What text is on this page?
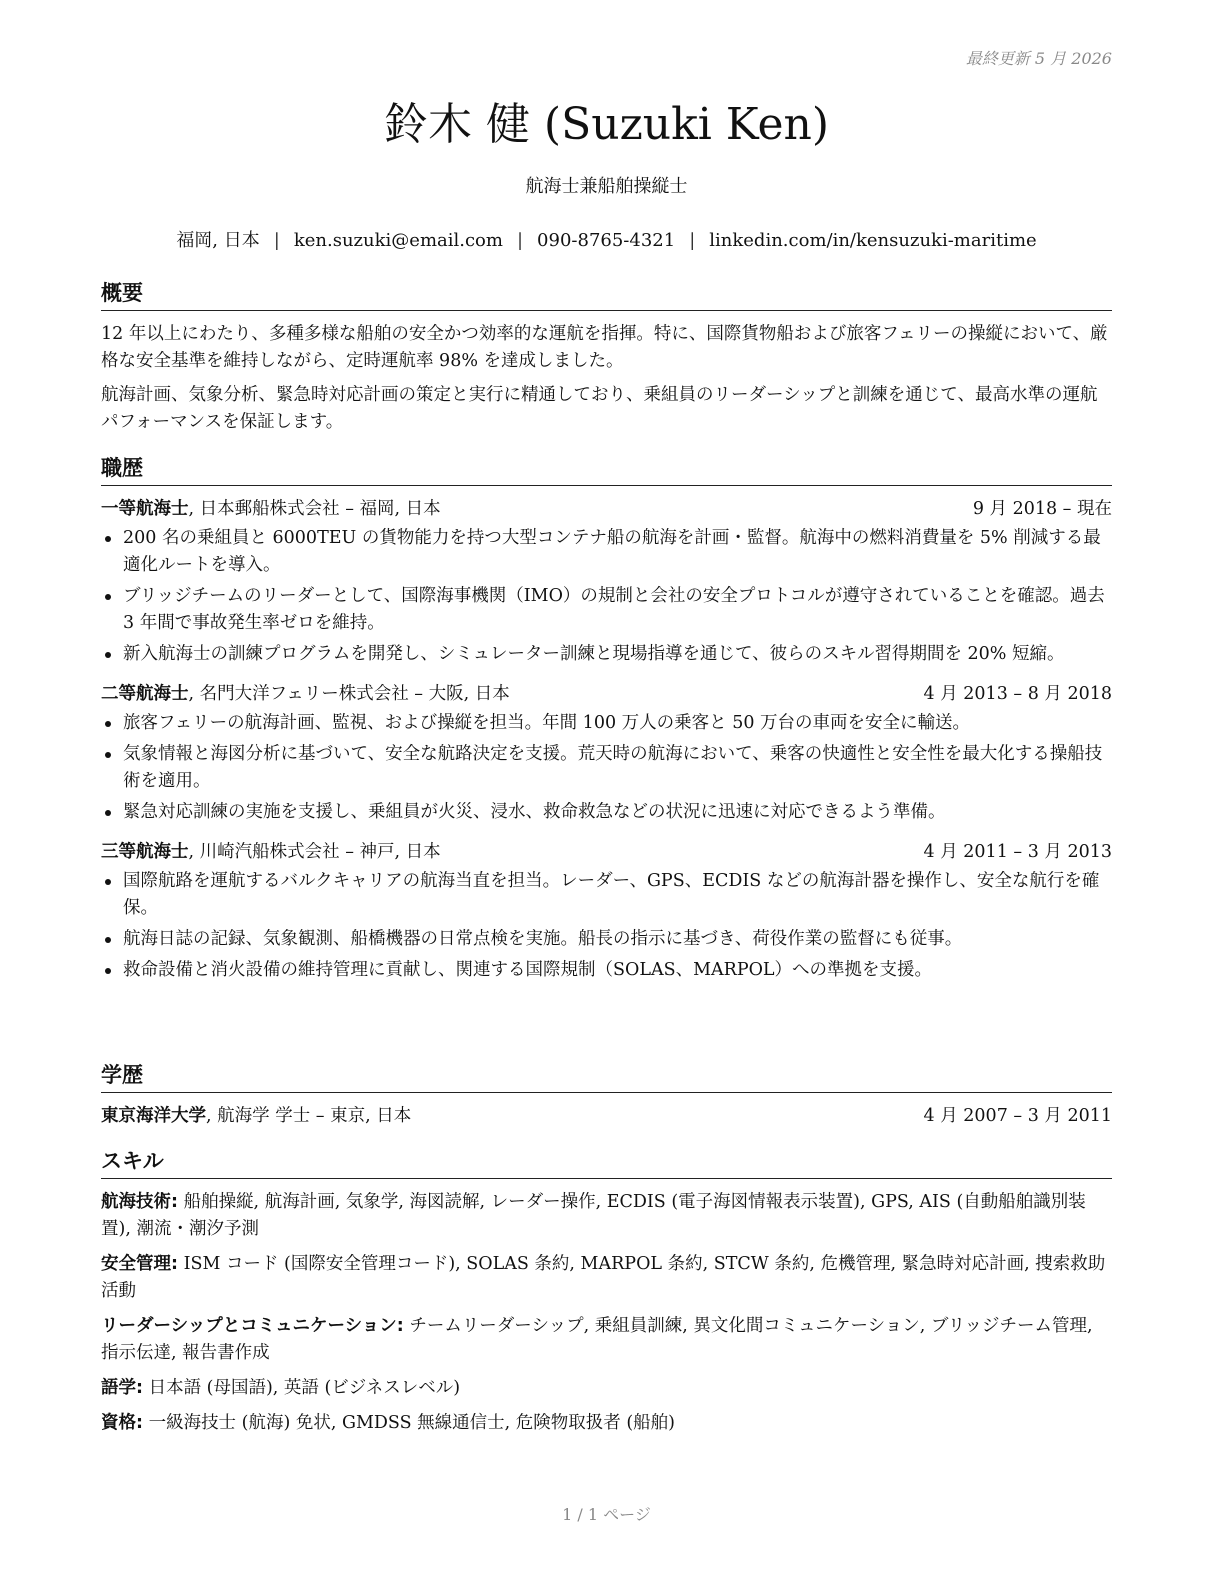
最終更新 5 月 2026
鈴木 健 (Suzuki Ken)
航海士兼船舶操縦士
福岡, 日本 | ken.suzuki@email.com | 090-8765-4321 | linkedin.com/in/kensuzuki-maritime
概要

12 年以上にわたり、多種多様な船舶の安全かつ効率的な運航を指揮。特に、国際貨物船および旅客フェリーの操縦において、厳格な安全基準を維持しながら、定時運航率 98% を達成しました。

航海計画、気象分析、緊急時対応計画の策定と実行に精通しており、乗組員のリーダーシップと訓練を通じて、最高水準の運航パフォーマンスを保証します。

職歴
一等航海士, 日本郵船株式会社 – 福岡, 日本	9 月 2018 – 現在
200 名の乗組員と 6000TEU の貨物能力を持つ大型コンテナ船の航海を計画・監督。航海中の燃料消費量を 5% 削減する最適化ルートを導入。
ブリッジチームのリーダーとして、国際海事機関（IMO）の規制と会社の安全プロトコルが遵守されていることを確認。過去 3 年間で事故発生率ゼロを維持。
新入航海士の訓練プログラムを開発し、シミュレーター訓練と現場指導を通じて、彼らのスキル習得期間を 20% 短縮。
二等航海士, 名門大洋フェリー株式会社 – 大阪, 日本	4 月 2013 – 8 月 2018
旅客フェリーの航海計画、監視、および操縦を担当。年間 100 万人の乗客と 50 万台の車両を安全に輸送。
気象情報と海図分析に基づいて、安全な航路決定を支援。荒天時の航海において、乗客の快適性と安全性を最大化する操船技術を適用。
緊急対応訓練の実施を支援し、乗組員が火災、浸水、救命救急などの状況に迅速に対応できるよう準備。
三等航海士, 川崎汽船株式会社 – 神戸, 日本	4 月 2011 – 3 月 2013
国際航路を運航するバルクキャリアの航海当直を担当。レーダー、GPS、ECDIS などの航海計器を操作し、安全な航行を確保。
航海日誌の記録、気象観測、船橋機器の日常点検を実施。船長の指示に基づき、荷役作業の監督にも従事。
救命設備と消火設備の維持管理に貢献し、関連する国際規制（SOLAS、MARPOL）への準拠を支援。
学歴
東京海洋大学, 航海学 学士 – 東京, 日本	4 月 2007 – 3 月 2011
スキル

航海技術: 船舶操縦, 航海計画, 気象学, 海図読解, レーダー操作, ECDIS (電子海図情報表示装置), GPS, AIS (自動船舶識別装置), 潮流・潮汐予測

安全管理: ISM コード (国際安全管理コード), SOLAS 条約, MARPOL 条約, STCW 条約, 危機管理, 緊急時対応計画, 捜索救助活動

リーダーシップとコミュニケーション: チームリーダーシップ, 乗組員訓練, 異文化間コミュニケーション, ブリッジチーム管理, 指示伝達, 報告書作成

語学: 日本語 (母国語), 英語 (ビジネスレベル)

資格: 一級海技士 (航海) 免状, GMDSS 無線通信士, 危険物取扱者 (船舶)

1 / 1 ページ
